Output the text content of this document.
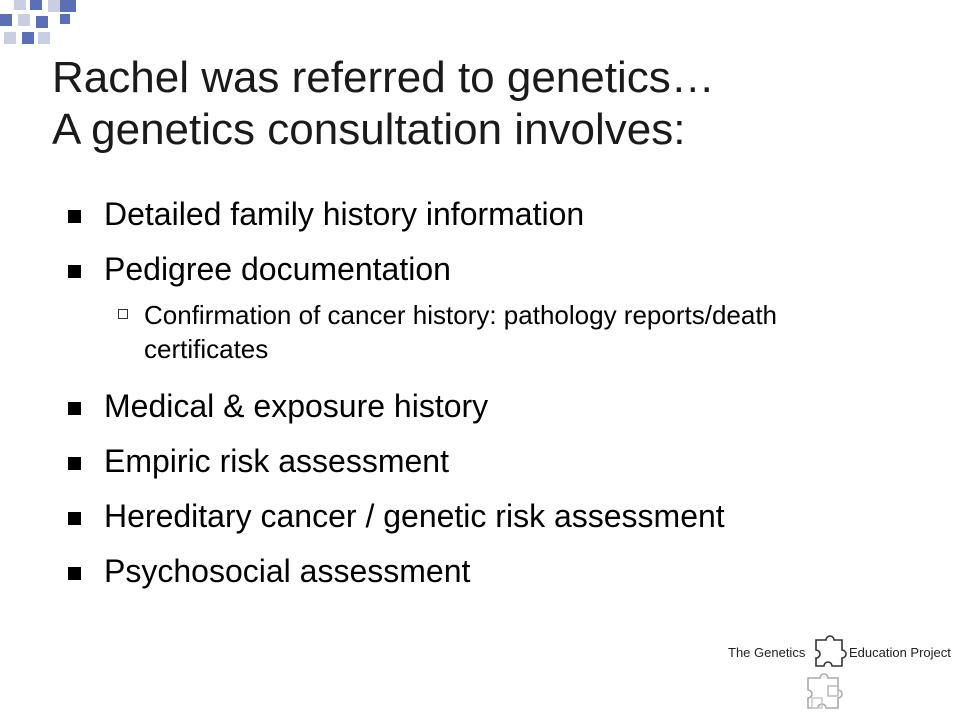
Rachel was referred to genetics…
A genetics consultation involves:
Detailed family history information
Pedigree documentation
Confirmation of cancer history: pathology reports/death certificates
Medical & exposure history
Empiric risk assessment
Hereditary cancer / genetic risk assessment
Psychosocial assessment
The Genetics	Education Project
